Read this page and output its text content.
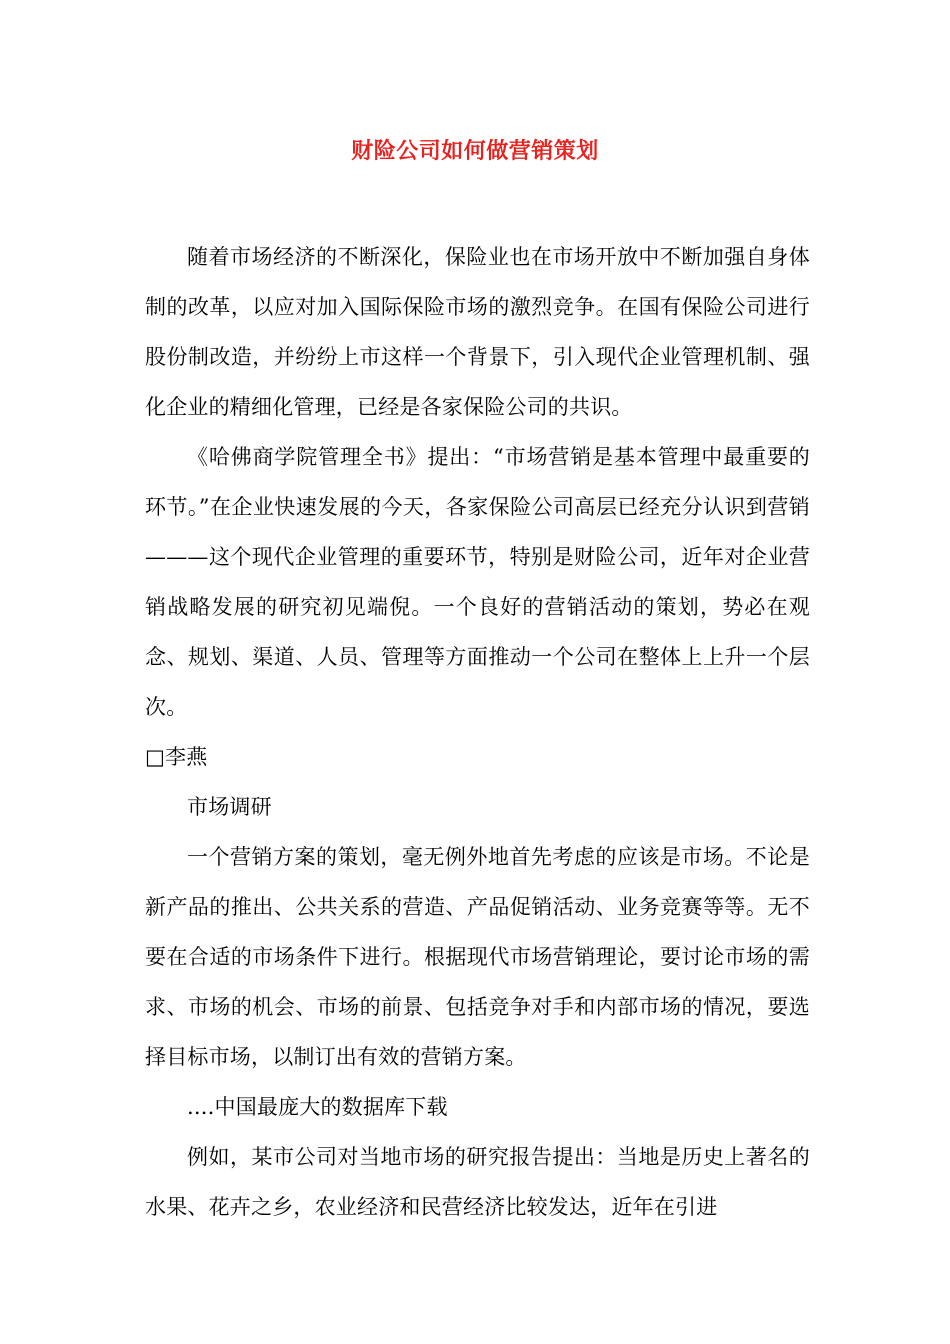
财险公司如何做营销策划

随着市场经济的不断深化，保险业也在市场开放中不断加强自身体制的改革，以应对加入国际保险市场的激烈竞争。在国有保险公司进行股份制改造，并纷纷上市这样一个背景下，引入现代企业管理机制、强化企业的精细化管理，已经是各家保险公司的共识。

《哈佛商学院管理全书》提出：“市场营销是基本管理中最重要的环节。”在企业快速发展的今天，各家保险公司高层已经充分认识到营销———这个现代企业管理的重要环节，特别是财险公司，近年对企业营销战略发展的研究初见端倪。一个良好的营销活动的策划，势必在观念、规划、渠道、人员、管理等方面推动一个公司在整体上上升一个层次。

□李燕

市场调研

一个营销方案的策划，毫无例外地首先考虑的应该是市场。不论是新产品的推出、公共关系的营造、产品促销活动、业务竞赛等等。无不要在合适的市场条件下进行。根据现代市场营销理论，要讨论市场的需求、市场的机会、市场的前景、包括竞争对手和内部市场的情况，要选择目标市场，以制订出有效的营销方案。

....中国最庞大的数据库下载

例如，某市公司对当地市场的研究报告提出：当地是历史上著名的水果、花卉之乡，农业经济和民营经济比较发达，近年在引进
